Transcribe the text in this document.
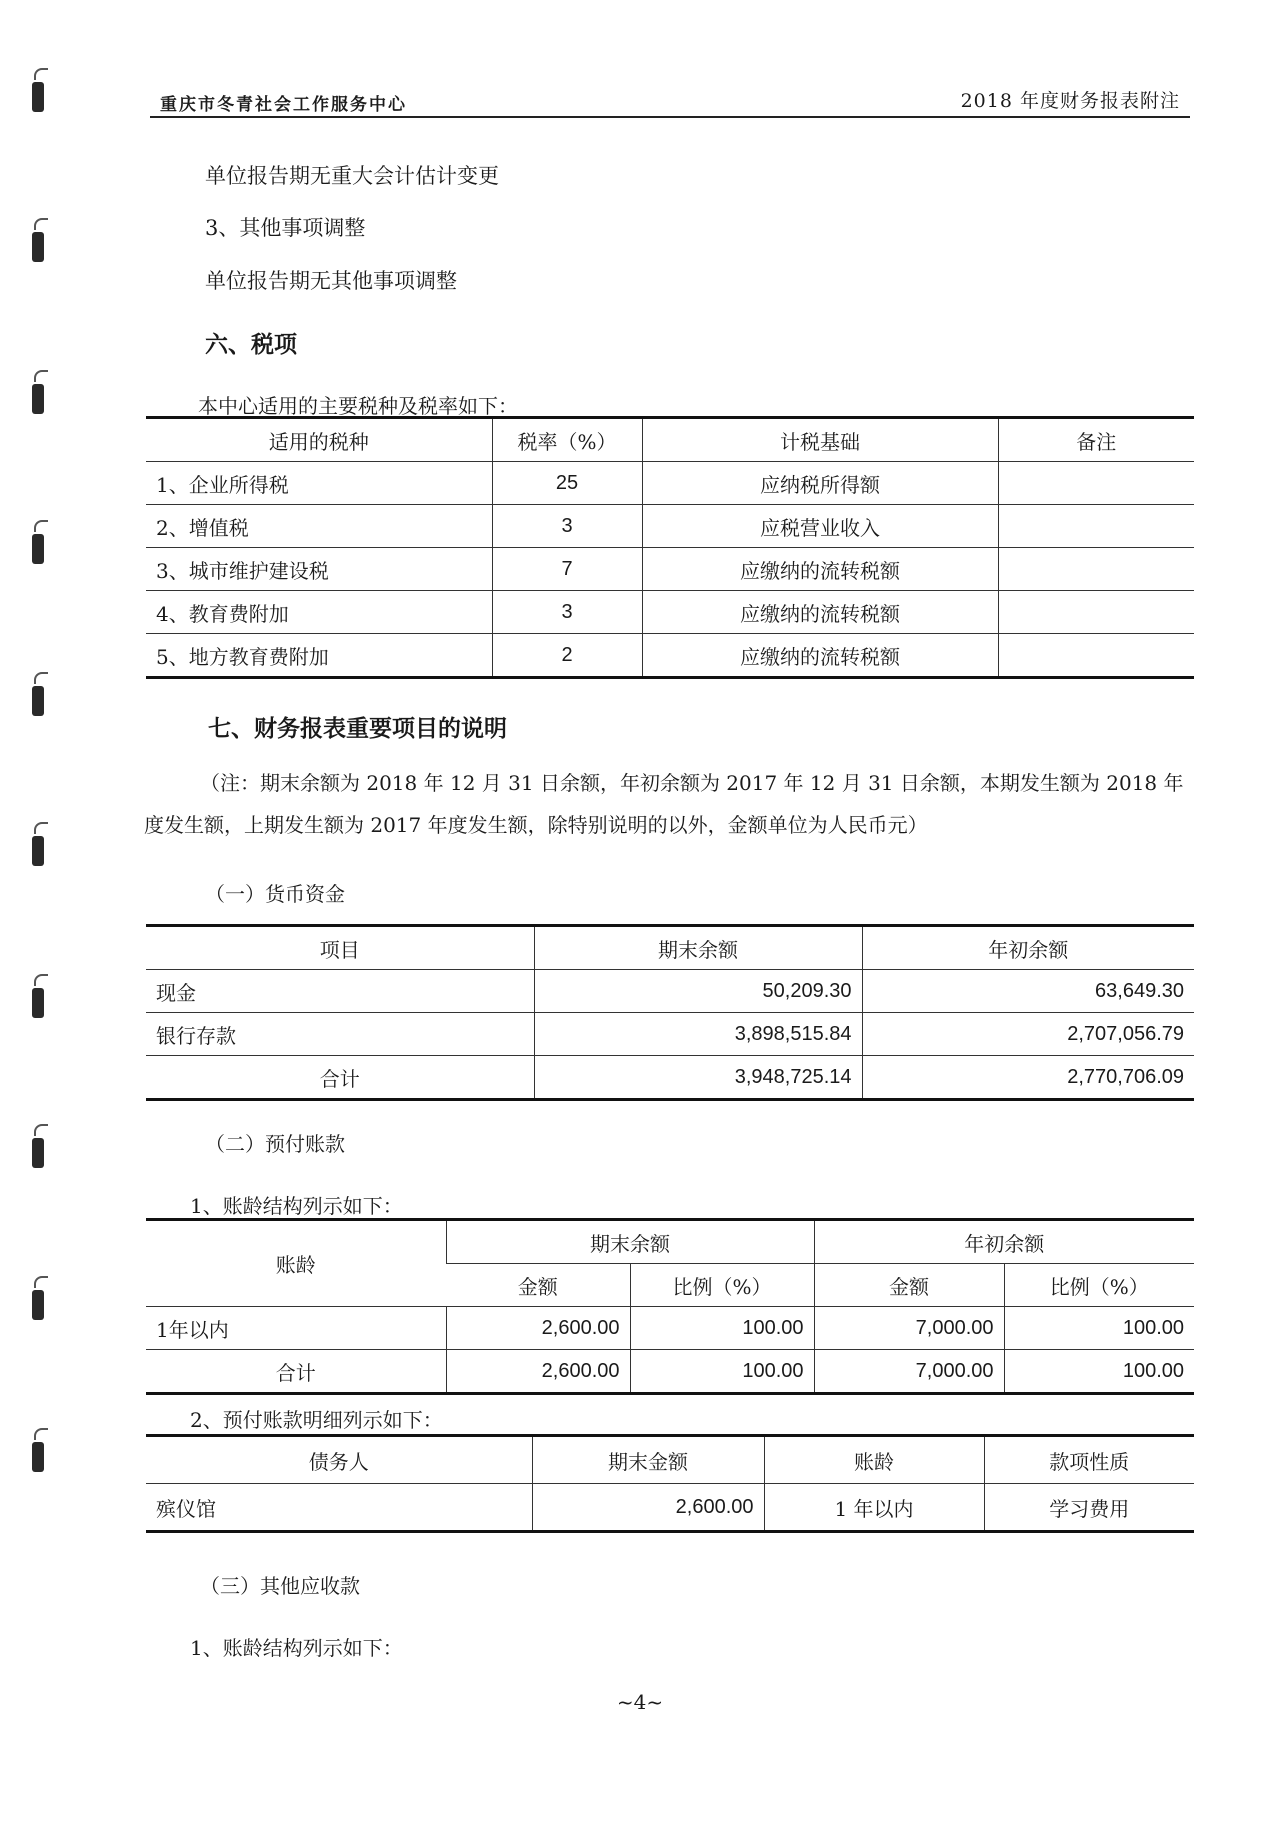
重庆市冬青社会工作服务中心	2018 年度财务报表附注
单位报告期无重大会计估计变更
3、其他事项调整
单位报告期无其他事项调整
六、税项
本中心适用的主要税种及税率如下：
适用的税种	税率（%）	计税基础	备注
1、企业所得税	25	应纳税所得额	
2、增值税	3	应税营业收入	
3、城市维护建设税	7	应缴纳的流转税额	
4、教育费附加	3	应缴纳的流转税额	
5、地方教育费附加	2	应缴纳的流转税额	
七、财务报表重要项目的说明
（注：期末余额为 2018 年 12 月 31 日余额，年初余额为 2017 年 12 月 31 日余额，本期发生额为 2018 年度发生额，上期发生额为 2017 年度发生额，除特别说明的以外，金额单位为人民币元）
（一）货币资金
项目	期末余额	年初余额
现金	50,209.30	63,649.30
银行存款	3,898,515.84	2,707,056.79
合计	3,948,725.14	2,770,706.09
（二）预付账款
1、账龄结构列示如下：
账龄	期末余额		年初余额	
	金额	比例（%）	金额	比例（%）
1年以内	2,600.00	100.00	7,000.00	100.00
合计	2,600.00	100.00	7,000.00	100.00
2、预付账款明细列示如下：
债务人	期末金额	账龄	款项性质
殡仪馆	2,600.00	1 年以内	学习费用
（三）其他应收款
1、账龄结构列示如下：
~4~
